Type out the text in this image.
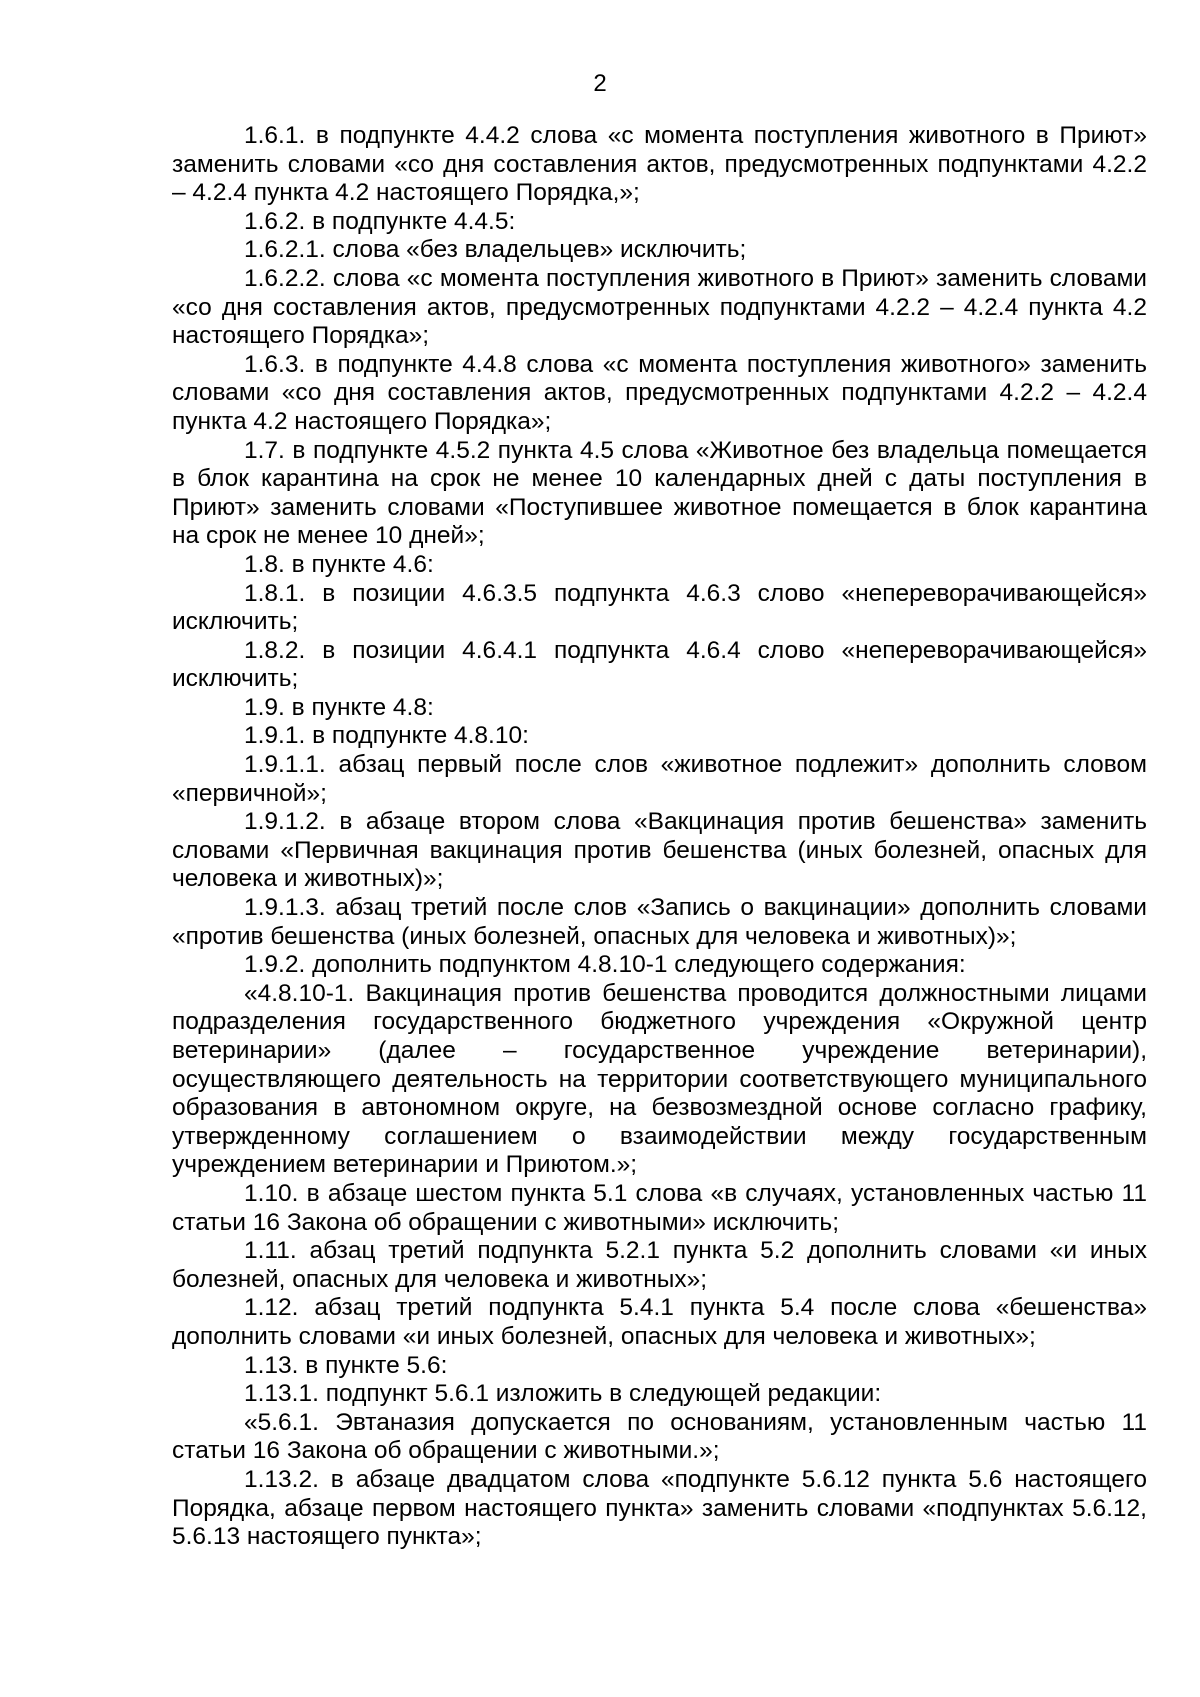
2

1.6.1. в подпункте 4.4.2 слова «с момента поступления животного в Приют» заменить словами «со дня составления актов, предусмотренных подпунктами 4.2.2 – 4.2.4 пункта 4.2 настоящего Порядка,»;

1.6.2. в подпункте 4.4.5:

1.6.2.1. слова «без владельцев» исключить;

1.6.2.2. слова «с момента поступления животного в Приют» заменить словами «со дня составления актов, предусмотренных подпунктами 4.2.2 – 4.2.4 пункта 4.2 настоящего Порядка»;

1.6.3. в подпункте 4.4.8 слова «с момента поступления животного» заменить словами «со дня составления актов, предусмотренных подпунктами 4.2.2 – 4.2.4 пункта 4.2 настоящего Порядка»;

1.7. в подпункте 4.5.2 пункта 4.5 слова «Животное без владельца помещается в блок карантина на срок не менее 10 календарных дней с даты поступления в Приют» заменить словами «Поступившее животное помещается в блок карантина на срок не менее 10 дней»;

1.8. в пункте 4.6:

1.8.1. в позиции 4.6.3.5 подпункта 4.6.3 слово «непереворачивающейся» исключить;

1.8.2. в позиции 4.6.4.1 подпункта 4.6.4 слово «непереворачивающейся» исключить;

1.9. в пункте 4.8:

1.9.1. в подпункте 4.8.10:

1.9.1.1. абзац первый после слов «животное подлежит» дополнить словом «первичной»;

1.9.1.2. в абзаце втором слова «Вакцинация против бешенства» заменить словами «Первичная вакцинация против бешенства (иных болезней, опасных для человека и животных)»;

1.9.1.3. абзац третий после слов «Запись о вакцинации» дополнить словами «против бешенства (иных болезней, опасных для человека и животных)»;

1.9.2. дополнить подпунктом 4.8.10-1 следующего содержания:

«4.8.10-1. Вакцинация против бешенства проводится должностными лицами подразделения государственного бюджетного учреждения «Окружной центр ветеринарии» (далее – государственное учреждение ветеринарии), осуществляющего деятельность на территории соответствующего муниципального образования в автономном округе, на безвозмездной основе согласно графику, утвержденному соглашением о взаимодействии между государственным учреждением ветеринарии и Приютом.»;

1.10. в абзаце шестом пункта 5.1 слова «в случаях, установленных частью 11 статьи 16 Закона об обращении с животными» исключить;

1.11. абзац третий подпункта 5.2.1 пункта 5.2 дополнить словами «и иных болезней, опасных для человека и животных»;

1.12. абзац третий подпункта 5.4.1 пункта 5.4 после слова «бешенства» дополнить словами «и иных болезней, опасных для человека и животных»;

1.13. в пункте 5.6:

1.13.1. подпункт 5.6.1 изложить в следующей редакции:

«5.6.1. Эвтаназия допускается по основаниям, установленным частью 11 статьи 16 Закона об обращении с животными.»;

1.13.2. в абзаце двадцатом слова «подпункте 5.6.12 пункта 5.6 настоящего Порядка, абзаце первом настоящего пункта» заменить словами «подпунктах 5.6.12, 5.6.13 настоящего пункта»;
